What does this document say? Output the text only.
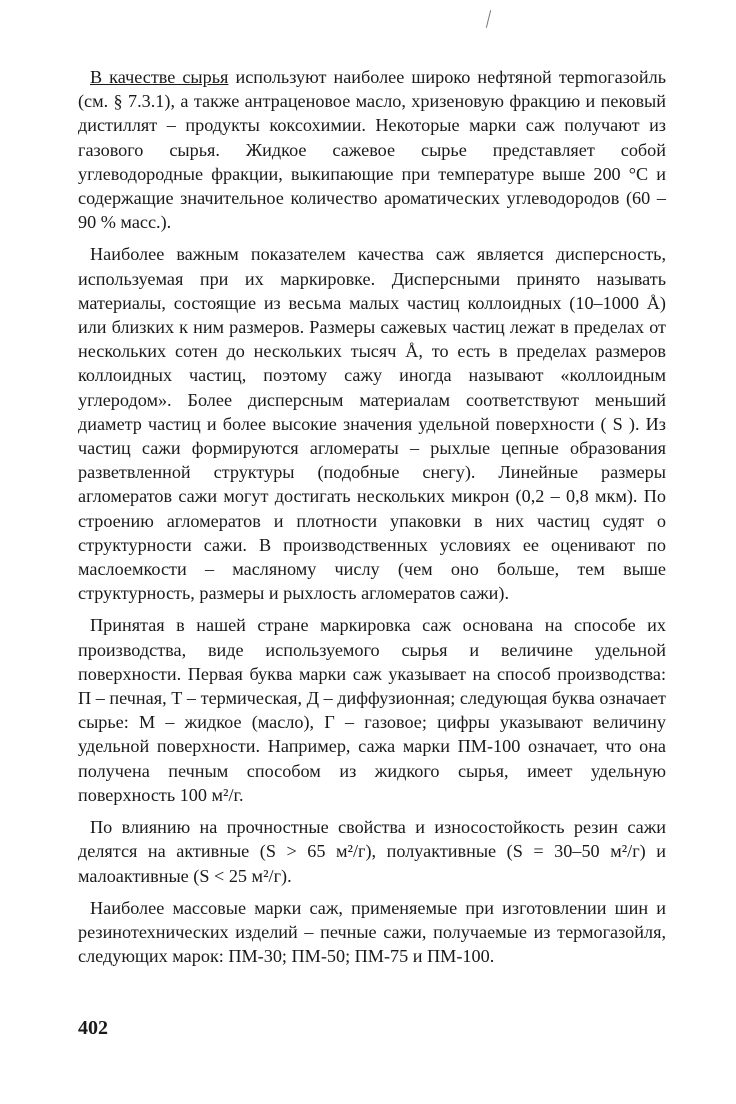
В качестве сырья используют наиболее широко нефтяной терmогазойль (см. § 7.3.1), а также антраценовое масло, хризеновую фракцию и пековый дистиллят – продукты коксохимии. Некоторые марки саж получают из газового сырья. Жидкое сажевое сырье представляет собой углеводородные фракции, выкипающие при температуре выше 200 °С и содержащие значительное количество ароматических углеводородов (60 – 90 % масс.).

Наиболее важным показателем качества саж является дисперсность, используемая при их маркировке. Дисперсными принято называть материалы, состоящие из весьма малых частиц коллоидных (10–1000 Å) или близких к ним размеров. Размеры сажевых частиц лежат в пределах от нескольких сотен до нескольких тысяч Å, то есть в пределах размеров коллоидных частиц, поэтому сажу иногда называют «коллоидным углеродом». Более дисперсным материалам соответствуют меньший диаметр частиц и более высокие значения удельной поверхности ( S ). Из частиц сажи формируются агломераты – рыхлые цепные образования разветвленной структуры (подобные снегу). Линейные размеры агломератов сажи могут достигать нескольких микрон (0,2 – 0,8 мкм). По строению агломератов и плотности упаковки в них частиц судят о структурности сажи. В производственных условиях ее оценивают по маслоемкости – масляному числу (чем оно больше, тем выше структурность, размеры и рыхлость агломератов сажи).

Принятая в нашей стране маркировка саж основана на способе их производства, виде используемого сырья и величине удельной поверхности. Первая буква марки саж указывает на способ производства: П – печная, Т – термическая, Д – диффузионная; следующая буква означает сырье: М – жидкое (масло), Г – газовое; цифры указывают величину удельной поверхности. Например, сажа марки ПМ-100 означает, что она получена печным способом из жидкого сырья, имеет удельную поверхность 100 м²/г.

По влиянию на прочностные свойства и износостойкость резин сажи делятся на активные (S > 65 м²/г), полуактивные (S = 30–50 м²/г) и малоактивные (S < 25 м²/г).

Наиболее массовые марки саж, применяемые при изготовлении шин и резинотехнических изделий – печные сажи, получаемые из термогазойля, следующих марок: ПМ-30; ПМ-50; ПМ-75 и ПМ-100.

402
